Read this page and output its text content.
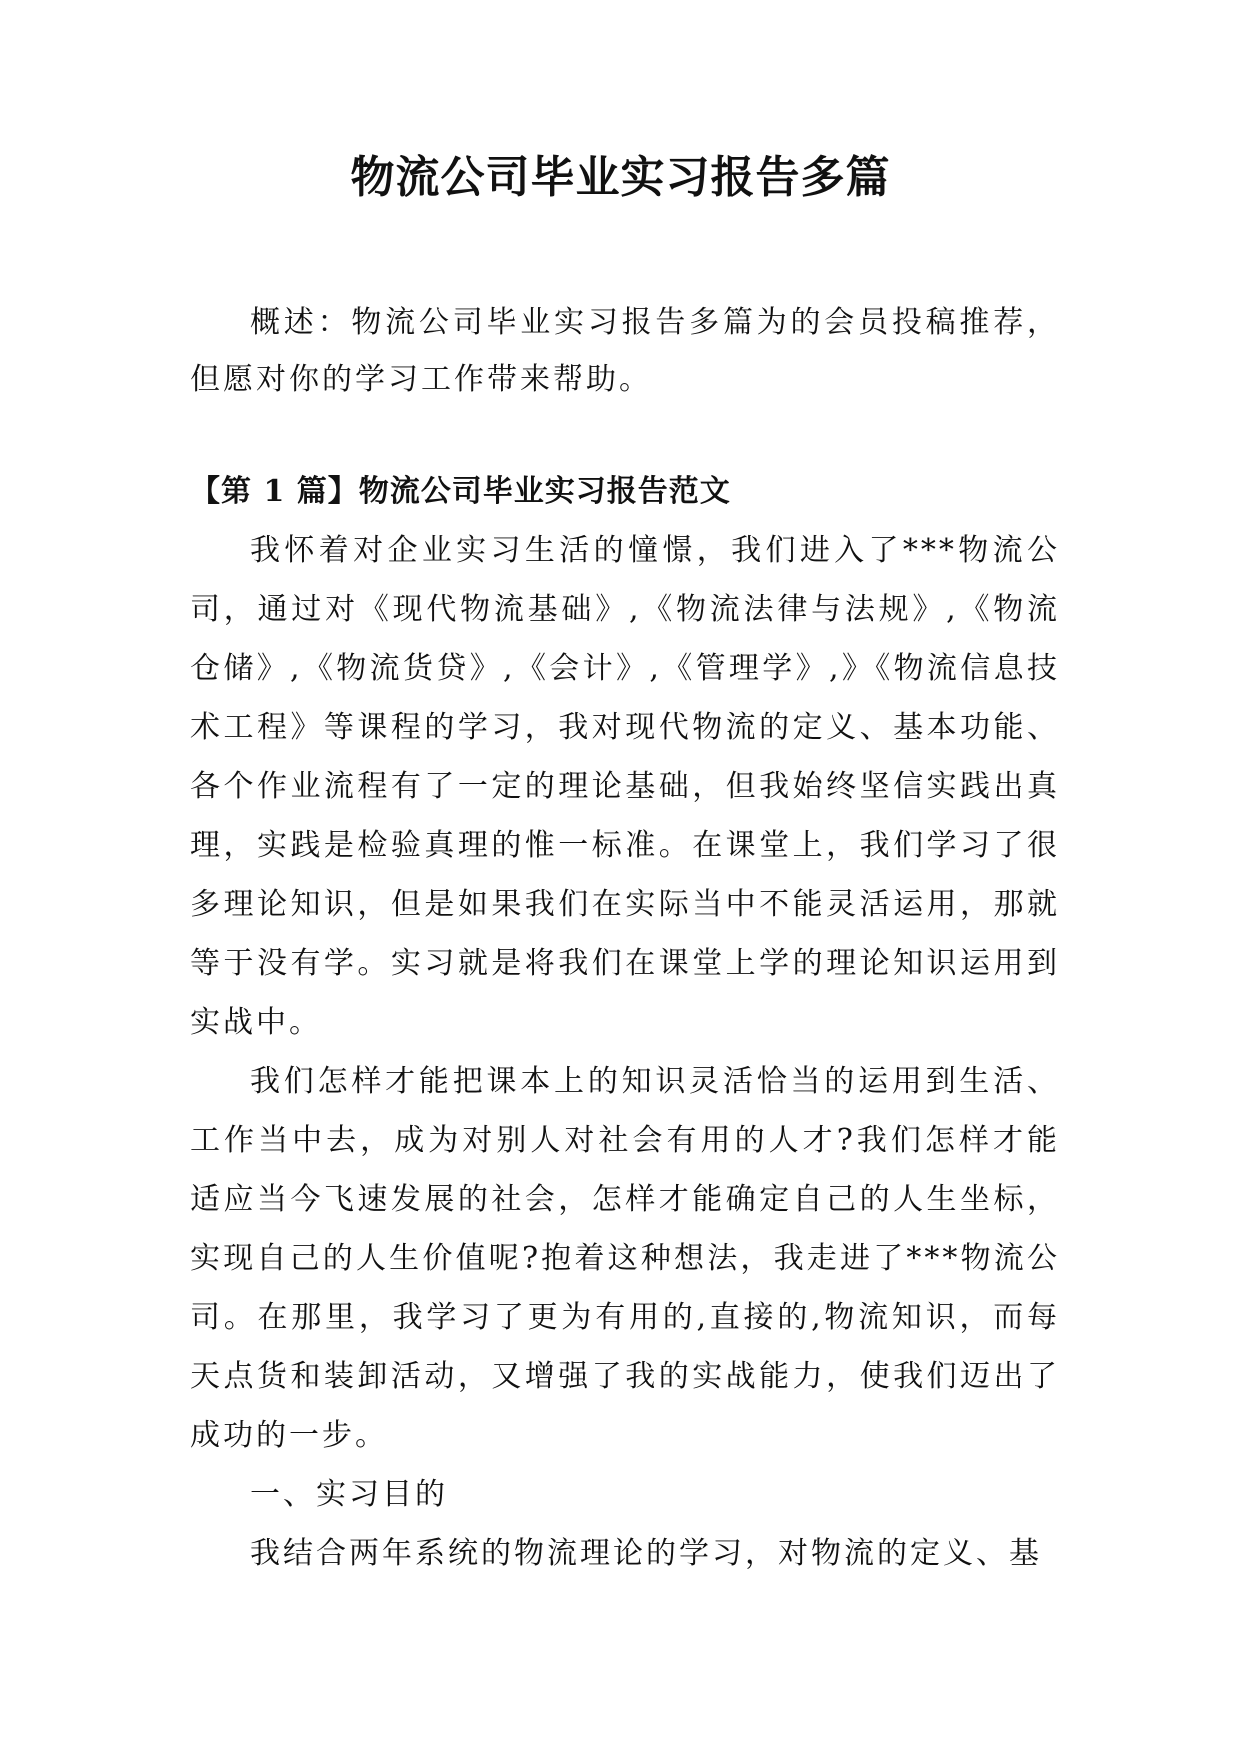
物流公司毕业实习报告多篇

概述：物流公司毕业实习报告多篇为的会员投稿推荐，但愿对你的学习工作带来帮助。

【第 1 篇】物流公司毕业实习报告范文

我怀着对企业实习生活的憧憬，我们进入了***物流公司，通过对《现代物流基础》,《物流法律与法规》,《物流仓储》,《物流货贷》,《会计》,《管理学》,》《物流信息技术工程》等课程的学习，我对现代物流的定义、基本功能、各个作业流程有了一定的理论基础，但我始终坚信实践出真理，实践是检验真理的惟一标准。在课堂上，我们学习了很多理论知识，但是如果我们在实际当中不能灵活运用，那就等于没有学。实习就是将我们在课堂上学的理论知识运用到实战中。

我们怎样才能把课本上的知识灵活恰当的运用到生活、工作当中去，成为对别人对社会有用的人才?我们怎样才能适应当今飞速发展的社会，怎样才能确定自己的人生坐标，实现自己的人生价值呢?抱着这种想法，我走进了***物流公司。在那里，我学习了更为有用的,直接的,物流知识，而每天点货和装卸活动，又增强了我的实战能力，使我们迈出了成功的一步。

一、实习目的

我结合两年系统的物流理论的学习，对物流的定义、基
